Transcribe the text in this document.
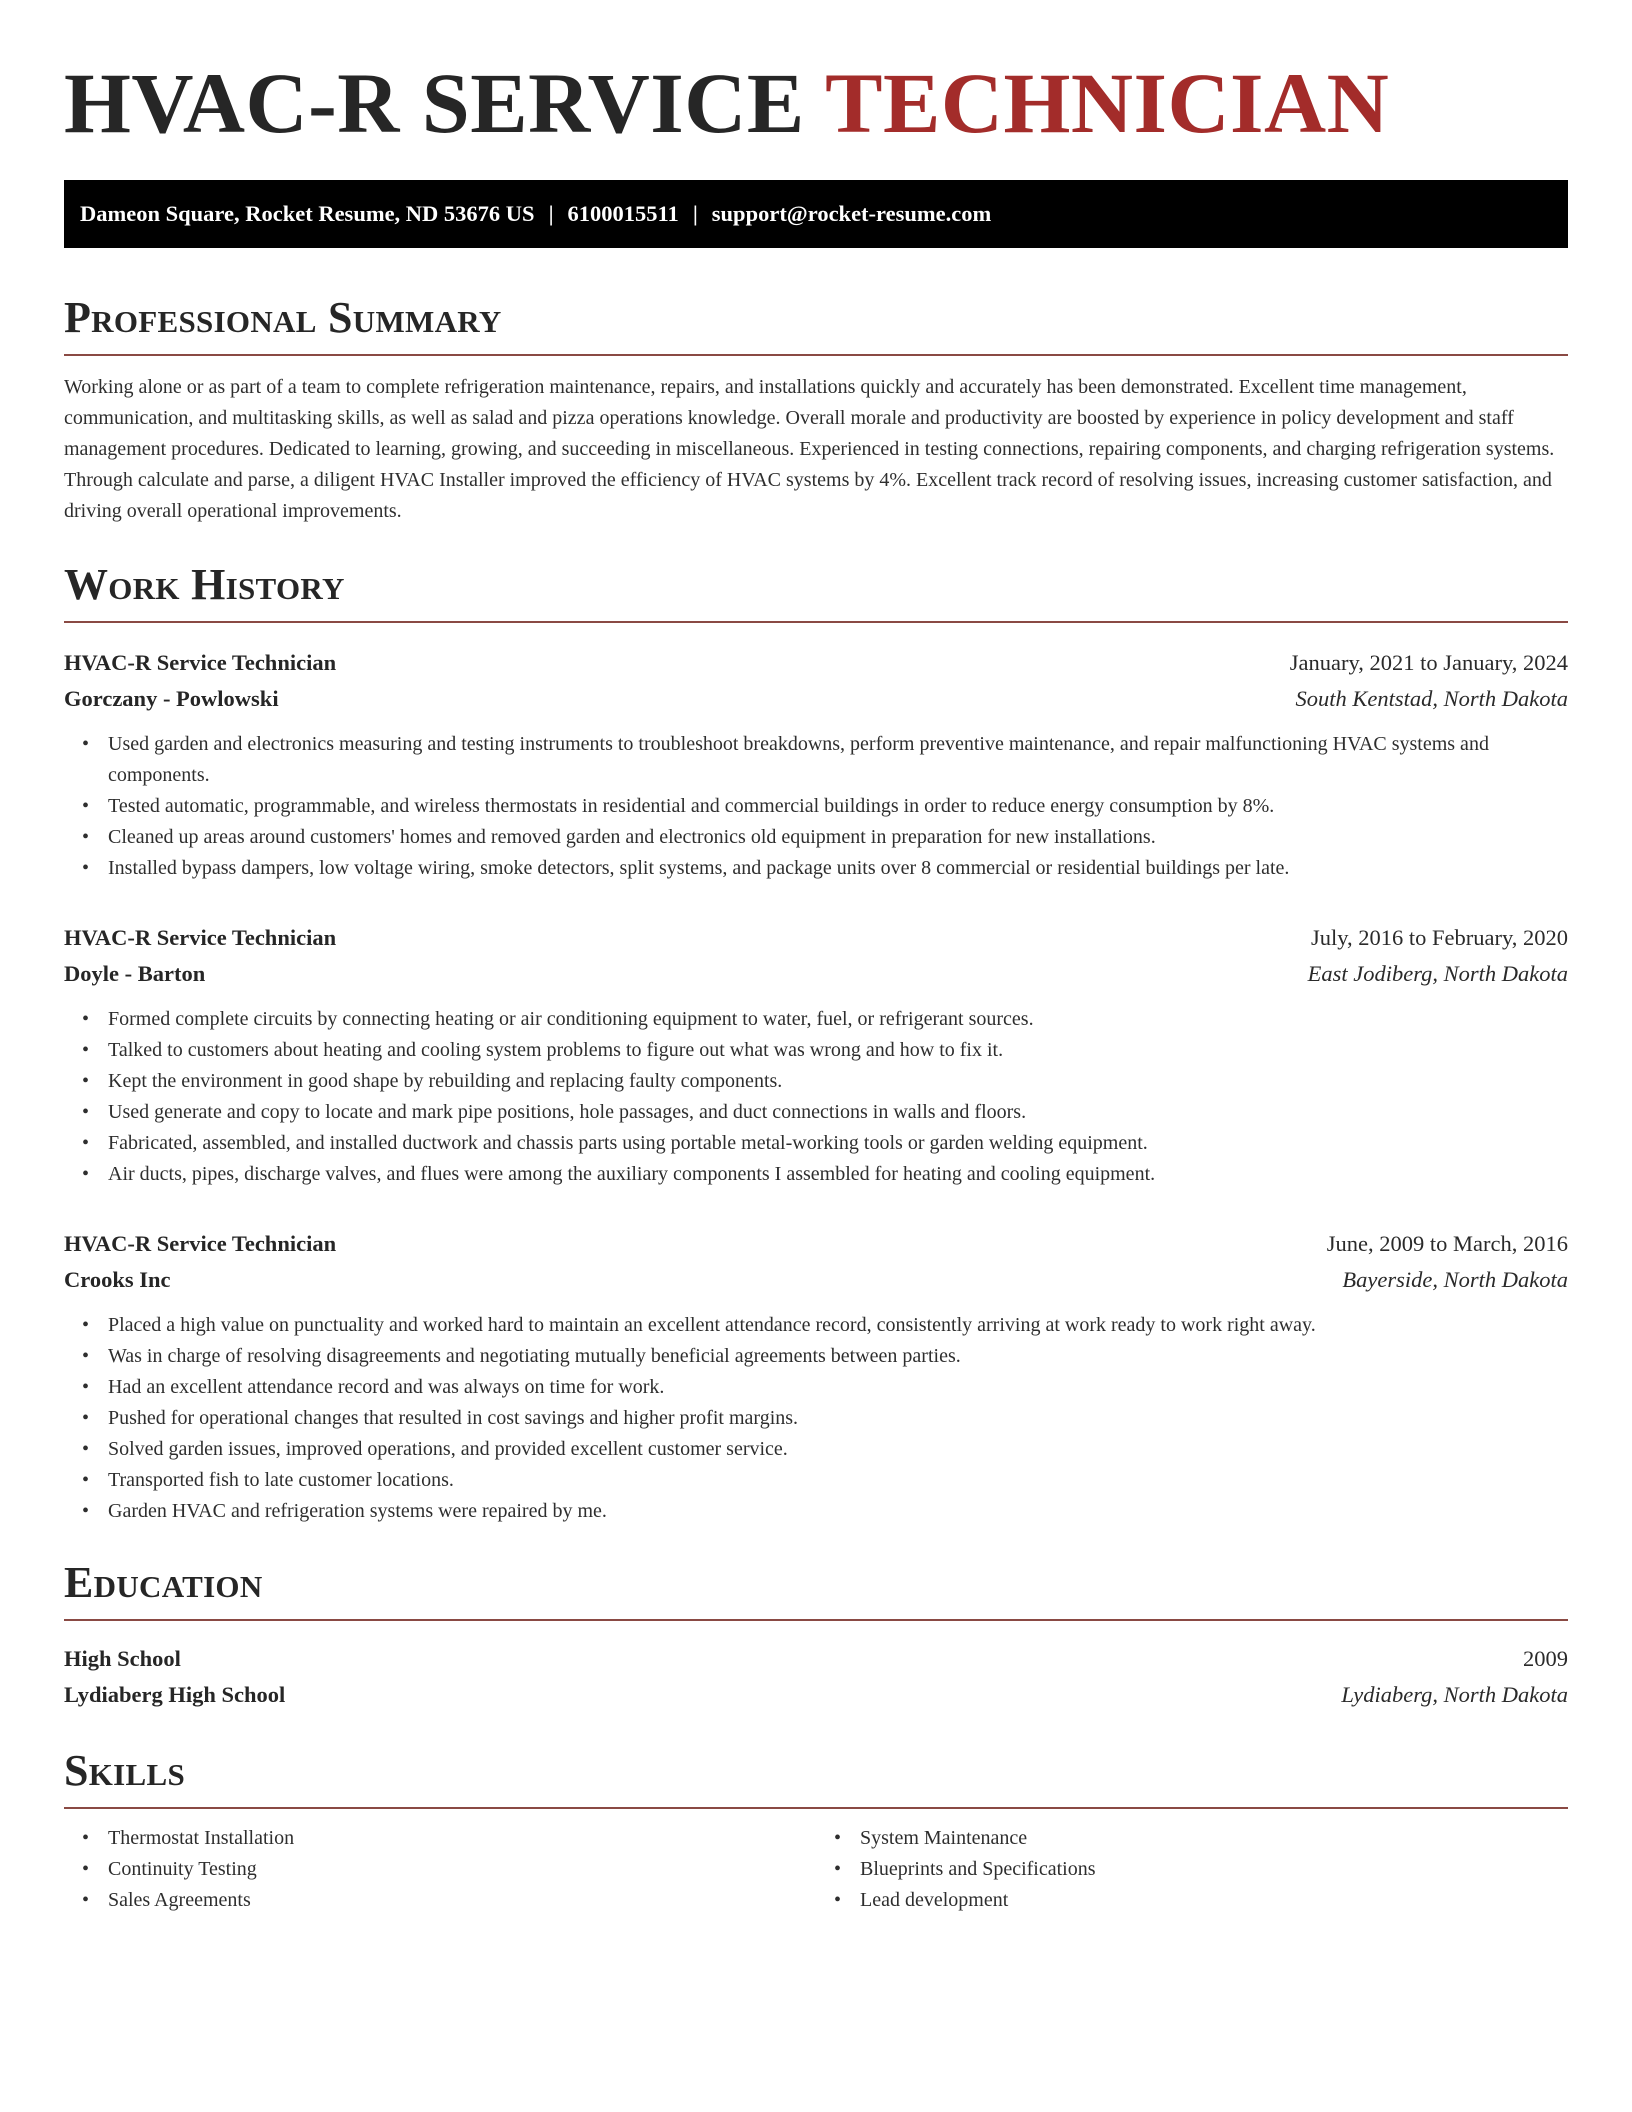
HVAC-R SERVICE TECHNICIAN
Dameon Square, Rocket Resume, ND 53676 US | 6100015511 | support@rocket-resume.com
Professional Summary

Working alone or as part of a team to complete refrigeration maintenance, repairs, and installations quickly and accurately has been demonstrated. Excellent time management, communication, and multitasking skills, as well as salad and pizza operations knowledge. Overall morale and productivity are boosted by experience in policy development and staff management procedures. Dedicated to learning, growing, and succeeding in miscellaneous. Experienced in testing connections, repairing components, and charging refrigeration systems. Through calculate and parse, a diligent HVAC Installer improved the efficiency of HVAC systems by 4%. Excellent track record of resolving issues, increasing customer satisfaction, and driving overall operational improvements.

Work History
HVAC-R Service Technician	January, 2021 to January, 2024
Gorczany - Powlowski	South Kentstad, North Dakota
• Used garden and electronics measuring and testing instruments to troubleshoot breakdowns, perform preventive maintenance, and repair malfunctioning HVAC systems and components.
• Tested automatic, programmable, and wireless thermostats in residential and commercial buildings in order to reduce energy consumption by 8%.
• Cleaned up areas around customers' homes and removed garden and electronics old equipment in preparation for new installations.
• Installed bypass dampers, low voltage wiring, smoke detectors, split systems, and package units over 8 commercial or residential buildings per late.
HVAC-R Service Technician	July, 2016 to February, 2020
Doyle - Barton	East Jodiberg, North Dakota
• Formed complete circuits by connecting heating or air conditioning equipment to water, fuel, or refrigerant sources.
• Talked to customers about heating and cooling system problems to figure out what was wrong and how to fix it.
• Kept the environment in good shape by rebuilding and replacing faulty components.
• Used generate and copy to locate and mark pipe positions, hole passages, and duct connections in walls and floors.
• Fabricated, assembled, and installed ductwork and chassis parts using portable metal-working tools or garden welding equipment.
• Air ducts, pipes, discharge valves, and flues were among the auxiliary components I assembled for heating and cooling equipment.
HVAC-R Service Technician	June, 2009 to March, 2016
Crooks Inc	Bayerside, North Dakota
• Placed a high value on punctuality and worked hard to maintain an excellent attendance record, consistently arriving at work ready to work right away.
• Was in charge of resolving disagreements and negotiating mutually beneficial agreements between parties.
• Had an excellent attendance record and was always on time for work.
• Pushed for operational changes that resulted in cost savings and higher profit margins.
• Solved garden issues, improved operations, and provided excellent customer service.
• Transported fish to late customer locations.
• Garden HVAC and refrigeration systems were repaired by me.
Education
High School	2009
Lydiaberg High School	Lydiaberg, North Dakota
Skills
• Thermostat Installation
• Continuity Testing
• Sales Agreements
• System Maintenance
• Blueprints and Specifications
• Lead development
